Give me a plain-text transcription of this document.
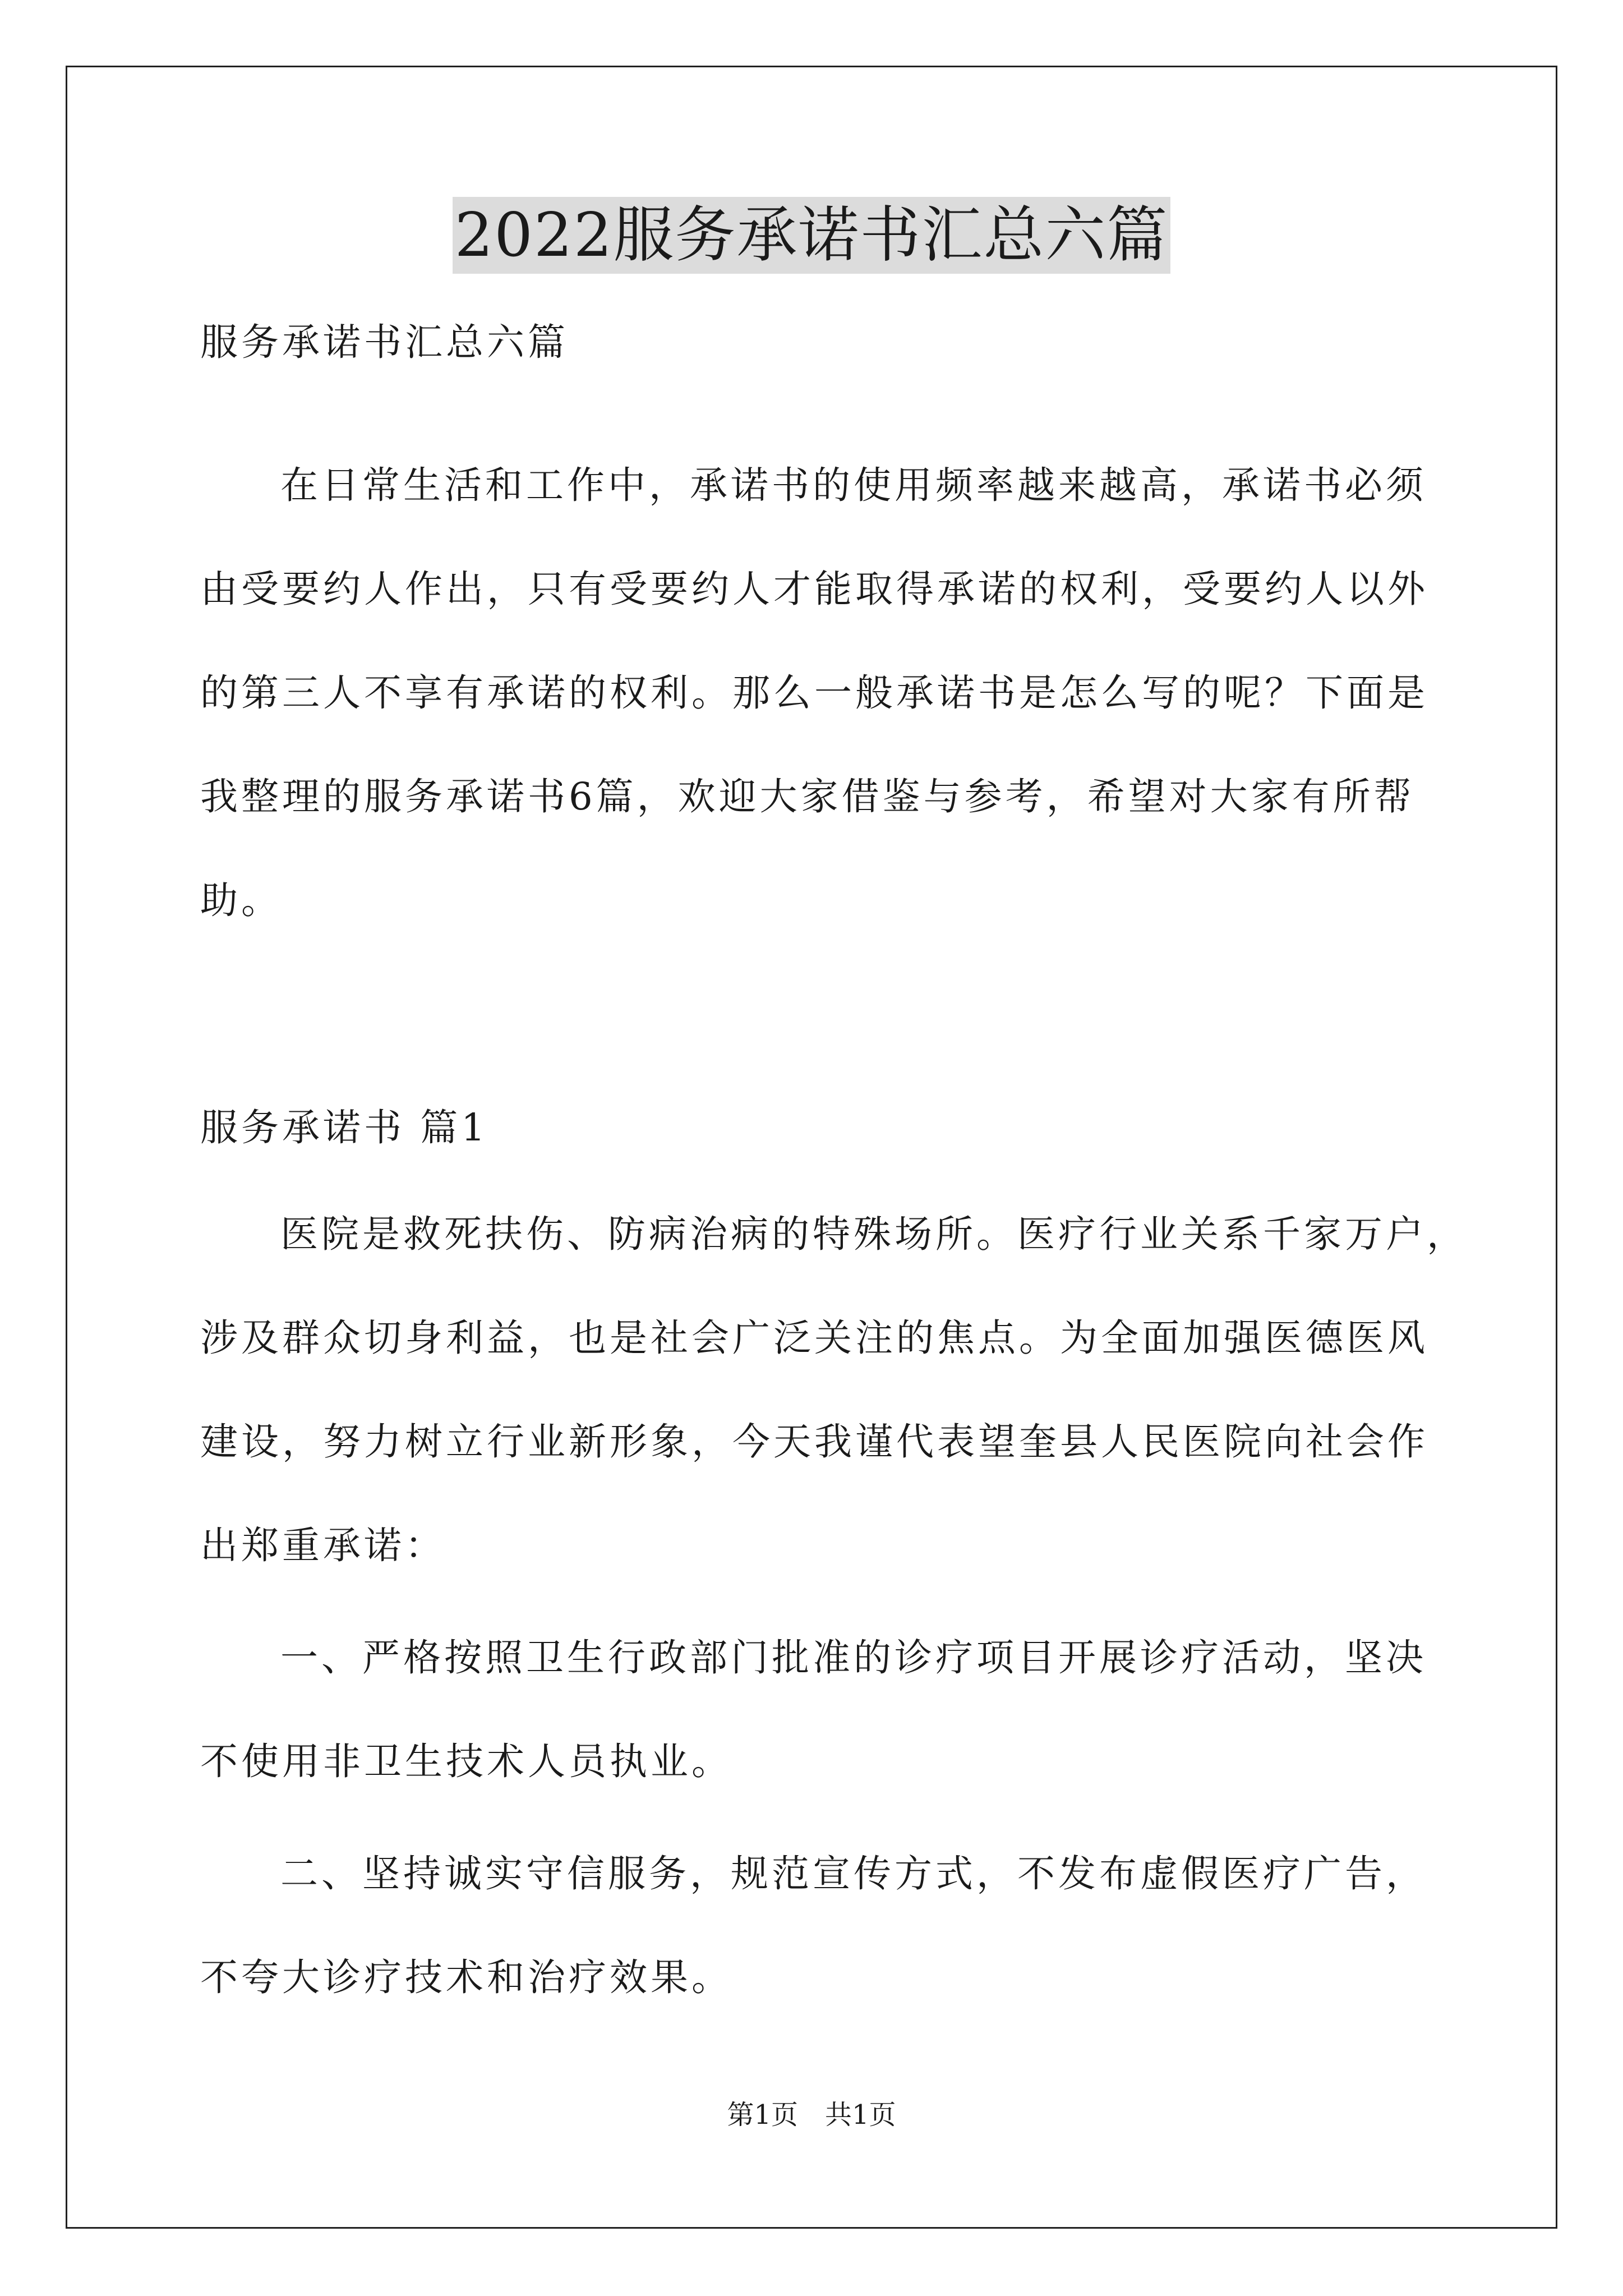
2022服务承诺书汇总六篇
服务承诺书汇总六篇
在日常生活和工作中，承诺书的使用频率越来越高，承诺书必须
由受要约人作出，只有受要约人才能取得承诺的权利，受要约人以外
的第三人不享有承诺的权利。那么一般承诺书是怎么写的呢？下面是
我整理的服务承诺书6篇，欢迎大家借鉴与参考，希望对大家有所帮
助。
服务承诺书 篇1
医院是救死扶伤、防病治病的特殊场所。医疗行业关系千家万户，
涉及群众切身利益，也是社会广泛关注的焦点。为全面加强医德医风
建设，努力树立行业新形象，今天我谨代表望奎县人民医院向社会作
出郑重承诺：
一、严格按照卫生行政部门批准的诊疗项目开展诊疗活动，坚决
不使用非卫生技术人员执业。
二、坚持诚实守信服务，规范宣传方式，不发布虚假医疗广告，
不夸大诊疗技术和治疗效果。
第1页　共1页
